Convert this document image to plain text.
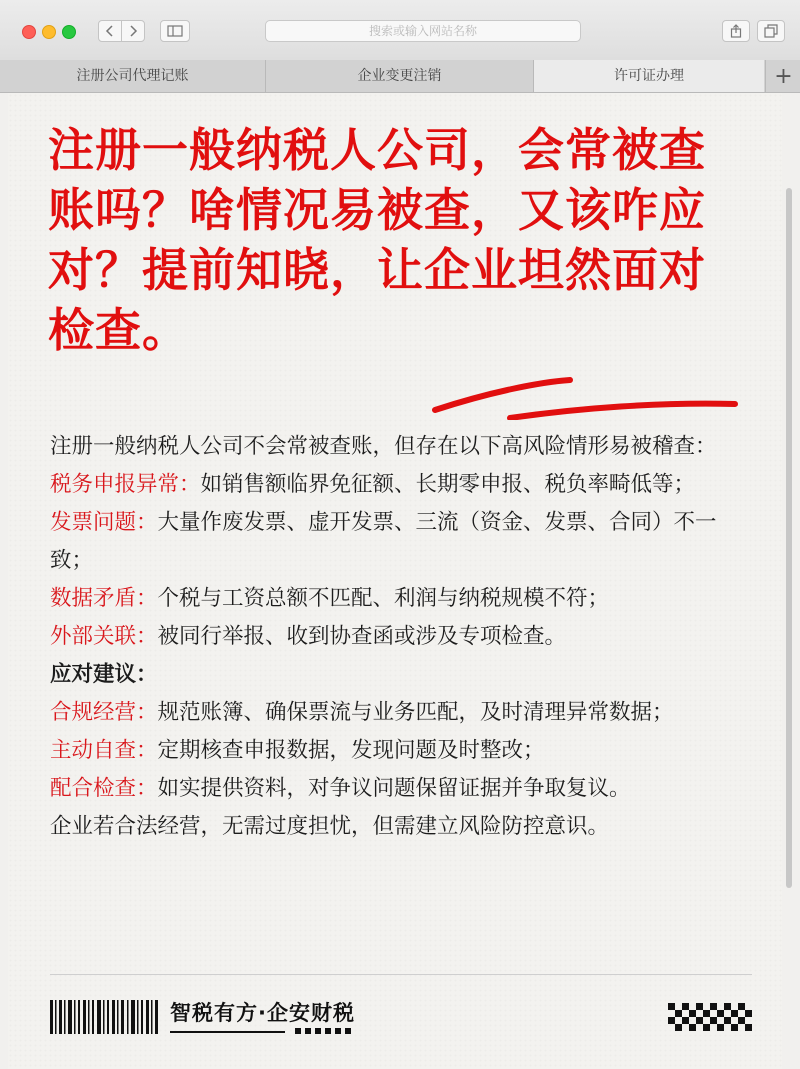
搜索或输入网站名称
注册公司代理记账	企业变更注销	许可证办理	+
注册一般纳税人公司，会常被查账吗？啥情况易被查，又该咋应对？提前知晓，让企业坦然面对检查。

注册一般纳税人公司不会常被查账，但存在以下高风险情形易被稽查：

税务申报异常：如销售额临界免征额、长期零申报、税负率畸低等；

发票问题：大量作废发票、虚开发票、三流（资金、发票、合同）不一致；

数据矛盾：个税与工资总额不匹配、利润与纳税规模不符；

外部关联：被同行举报、收到协查函或涉及专项检查。

应对建议：

合规经营：规范账簿、确保票流与业务匹配，及时清理异常数据；

主动自查：定期核查申报数据，发现问题及时整改；

配合检查：如实提供资料，对争议问题保留证据并争取复议。

企业若合法经营，无需过度担忧，但需建立风险防控意识。

智税有方·企安财税
